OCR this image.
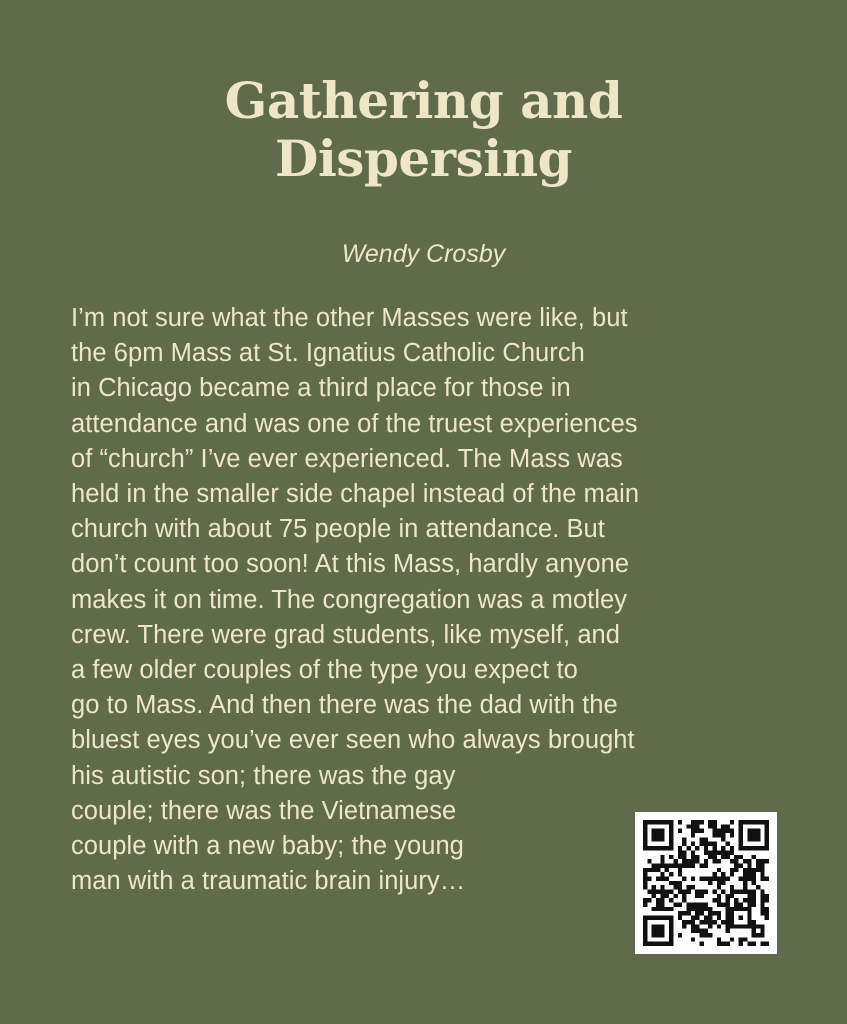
Gathering and
Dispersing
Wendy Crosby
I’m not sure what the other Masses were like, but
the 6pm Mass at St. Ignatius Catholic Church
in Chicago became a third place for those in
attendance and was one of the truest experiences
of “church” I’ve ever experienced. The Mass was
held in the smaller side chapel instead of the main
church with about 75 people in attendance. But
don’t count too soon! At this Mass, hardly anyone
makes it on time. The congregation was a motley
crew. There were grad students, like myself, and
a few older couples of the type you expect to
go to Mass. And then there was the dad with the
bluest eyes you’ve ever seen who always brought
his autistic son; there was the gay
couple; there was the Vietnamese
couple with a new baby; the young
man with a traumatic brain injury…
